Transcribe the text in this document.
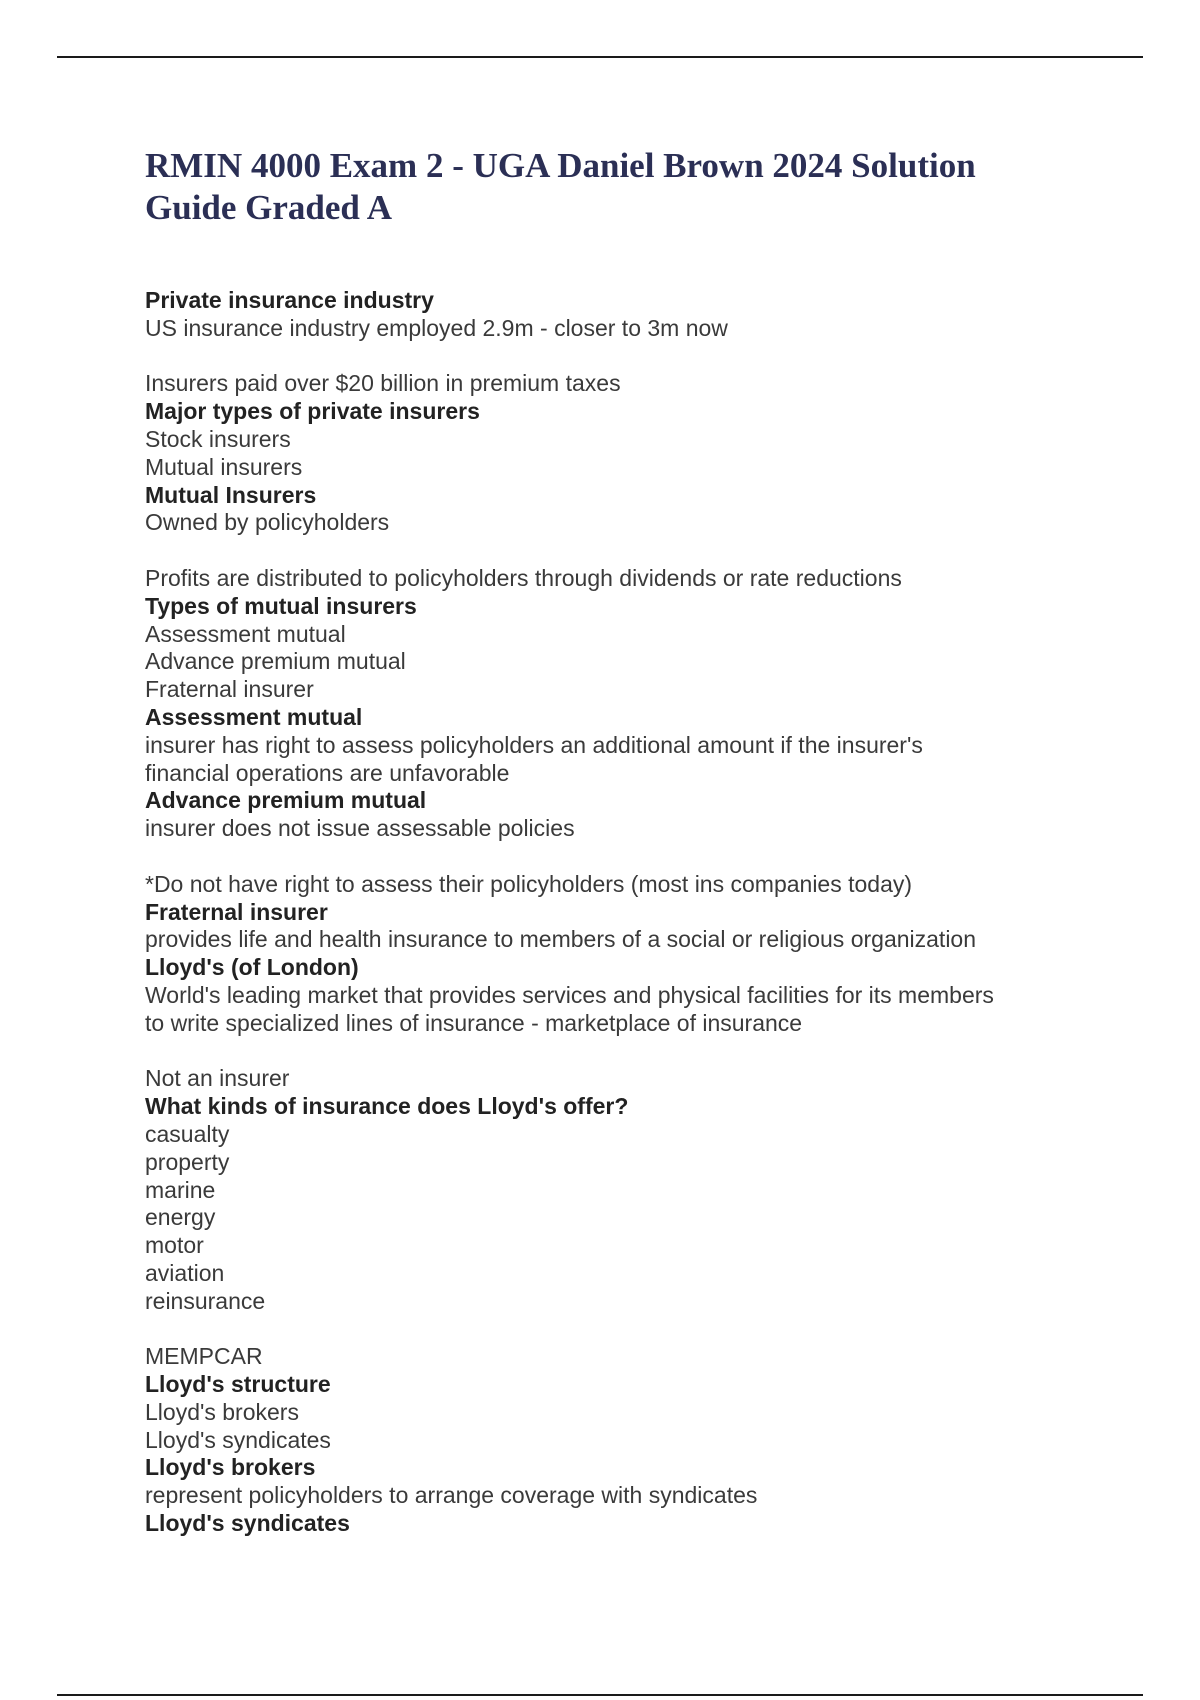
RMIN 4000 Exam 2 - UGA Daniel Brown 2024 Solution Guide Graded A
Private insurance industry
US insurance industry employed 2.9m - closer to 3m now
Insurers paid over $20 billion in premium taxes
Major types of private insurers
Stock insurers
Mutual insurers
Mutual Insurers
Owned by policyholders
Profits are distributed to policyholders through dividends or rate reductions
Types of mutual insurers
Assessment mutual
Advance premium mutual
Fraternal insurer
Assessment mutual
insurer has right to assess policyholders an additional amount if the insurer's
financial operations are unfavorable
Advance premium mutual
insurer does not issue assessable policies
*Do not have right to assess their policyholders (most ins companies today)
Fraternal insurer
provides life and health insurance to members of a social or religious organization
Lloyd's (of London)
World's leading market that provides services and physical facilities for its members
to write specialized lines of insurance - marketplace of insurance
Not an insurer
What kinds of insurance does Lloyd's offer?
casualty
property
marine
energy
motor
aviation
reinsurance
MEMPCAR
Lloyd's structure
Lloyd's brokers
Lloyd's syndicates
Lloyd's brokers
represent policyholders to arrange coverage with syndicates
Lloyd's syndicates
